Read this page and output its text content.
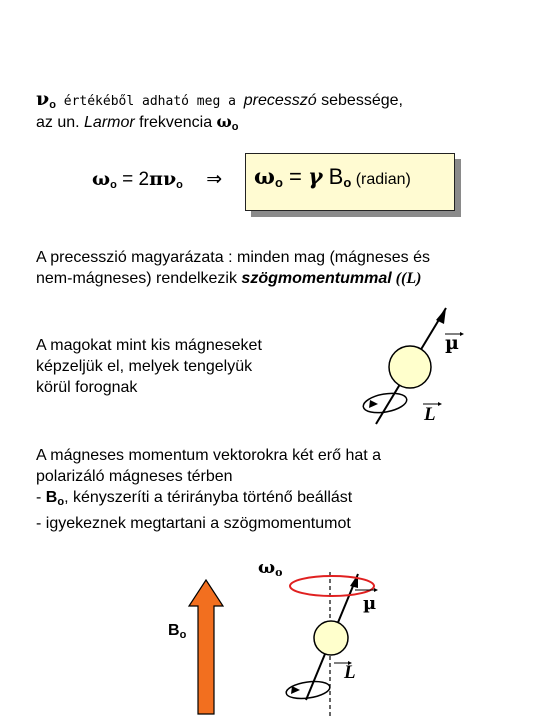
$\nu_o$ értékéből adható meg a precesszó sebessége,
az un. Larmor frekvencia $\omega_o$
$\omega_o = 2\pi\nu_o$ ⇒ $\omega_o = \gamma$ $B_o$ (radian)
A precesszió magyarázata : minden mag (mágneses és
nem-mágneses) rendelkezik szögmomentummal ((L)
A magokat mint kis mágneseket
képzeljük el, melyek tengelyük
körül forognak
µ
L
A mágneses momentum vektorokra két erő hat a
polarizáló mágneses térben
- $B_o$, kényszeríti a térirányba történő beállást
- igyekeznek megtartani a szögmomentumot
$B_o$
$\omega_o$
µ
L
